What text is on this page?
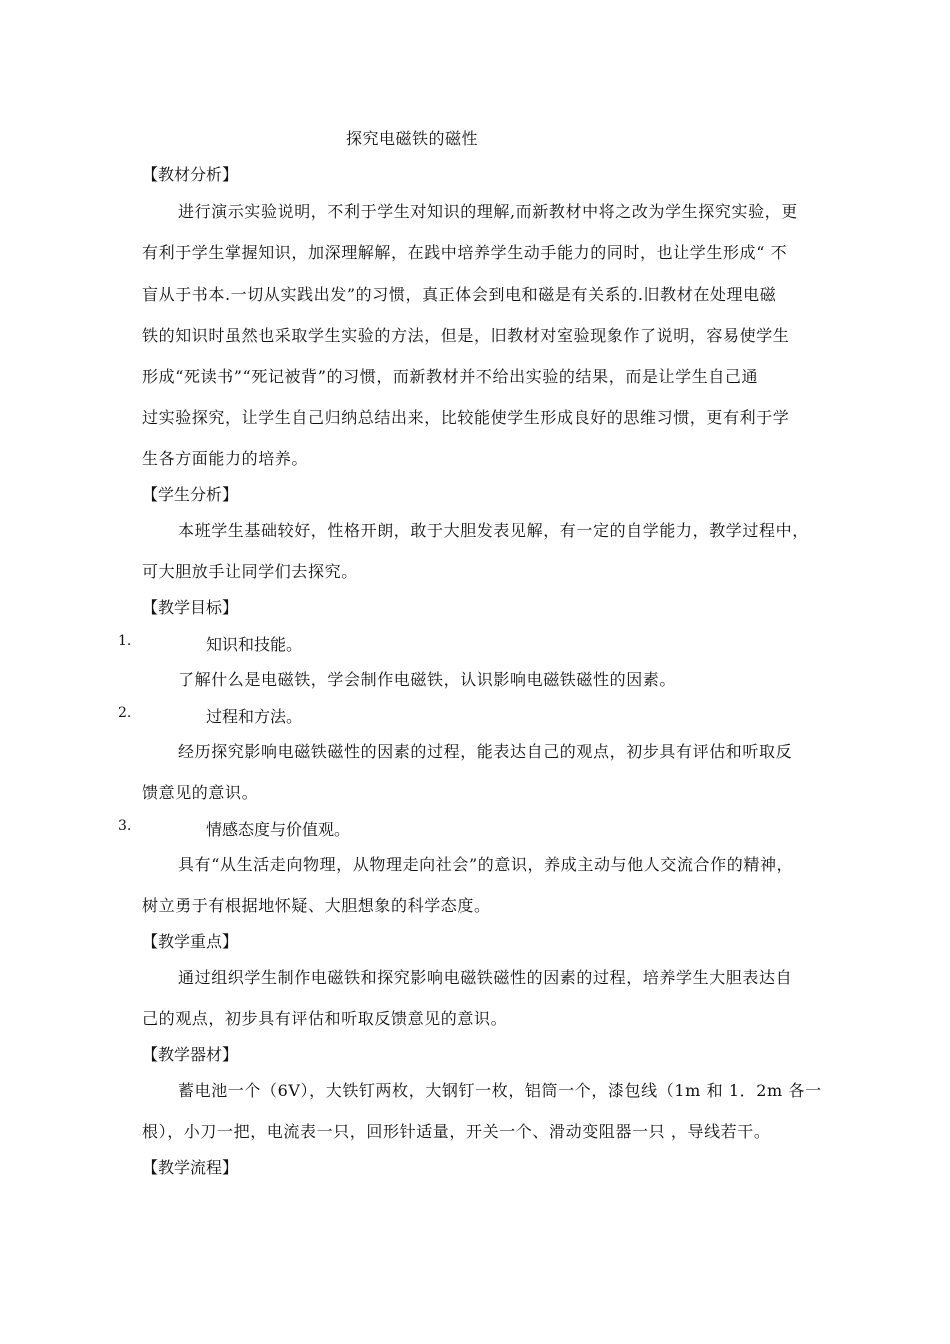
探究电磁铁的磁性
【教材分析】
进行演示实验说明，不利于学生对知识的理解,而新教材中将之改为学生探究实验，更
有利于学生掌握知识，加深理解解，在践中培养学生动手能力的同时，也让学生形成“ 不
盲从于书本.一切从实践出发”的习惯，真正体会到电和磁是有关系的.旧教材在处理电磁
铁的知识时虽然也采取学生实验的方法，但是，旧教材对室验现象作了说明，容易使学生
形成“死读书”“死记被背”的习惯，而新教材并不给出实验的结果，而是让学生自己通
过实验探究，让学生自己归纳总结出来，比较能使学生形成良好的思维习惯，更有利于学
生各方面能力的培养。
【学生分析】
本班学生基础较好，性格开朗，敢于大胆发表见解，有一定的自学能力，教学过程中，
可大胆放手让同学们去探究。
【教学目标】
1.	知识和技能。
了解什么是电磁铁，学会制作电磁铁，认识影响电磁铁磁性的因素。
2.	过程和方法。
经历探究影响电磁铁磁性的因素的过程，能表达自己的观点，初步具有评估和听取反
馈意见的意识。
3.	情感态度与价值观。
具有“从生活走向物理，从物理走向社会”的意识，养成主动与他人交流合作的精神，
树立勇于有根据地怀疑、大胆想象的科学态度。
【教学重点】
通过组织学生制作电磁铁和探究影响电磁铁磁性的因素的过程，培养学生大胆表达自
己的观点，初步具有评估和听取反馈意见的意识。
【教学器材】
蓄电池一个（6V），大铁钉两枚，大钢钉一枚，铝筒一个，漆包线（1m 和 1．2m 各一
根），小刀一把，电流表一只，回形针适量，开关一个、滑动变阻器一只 ，导线若干。
【教学流程】
